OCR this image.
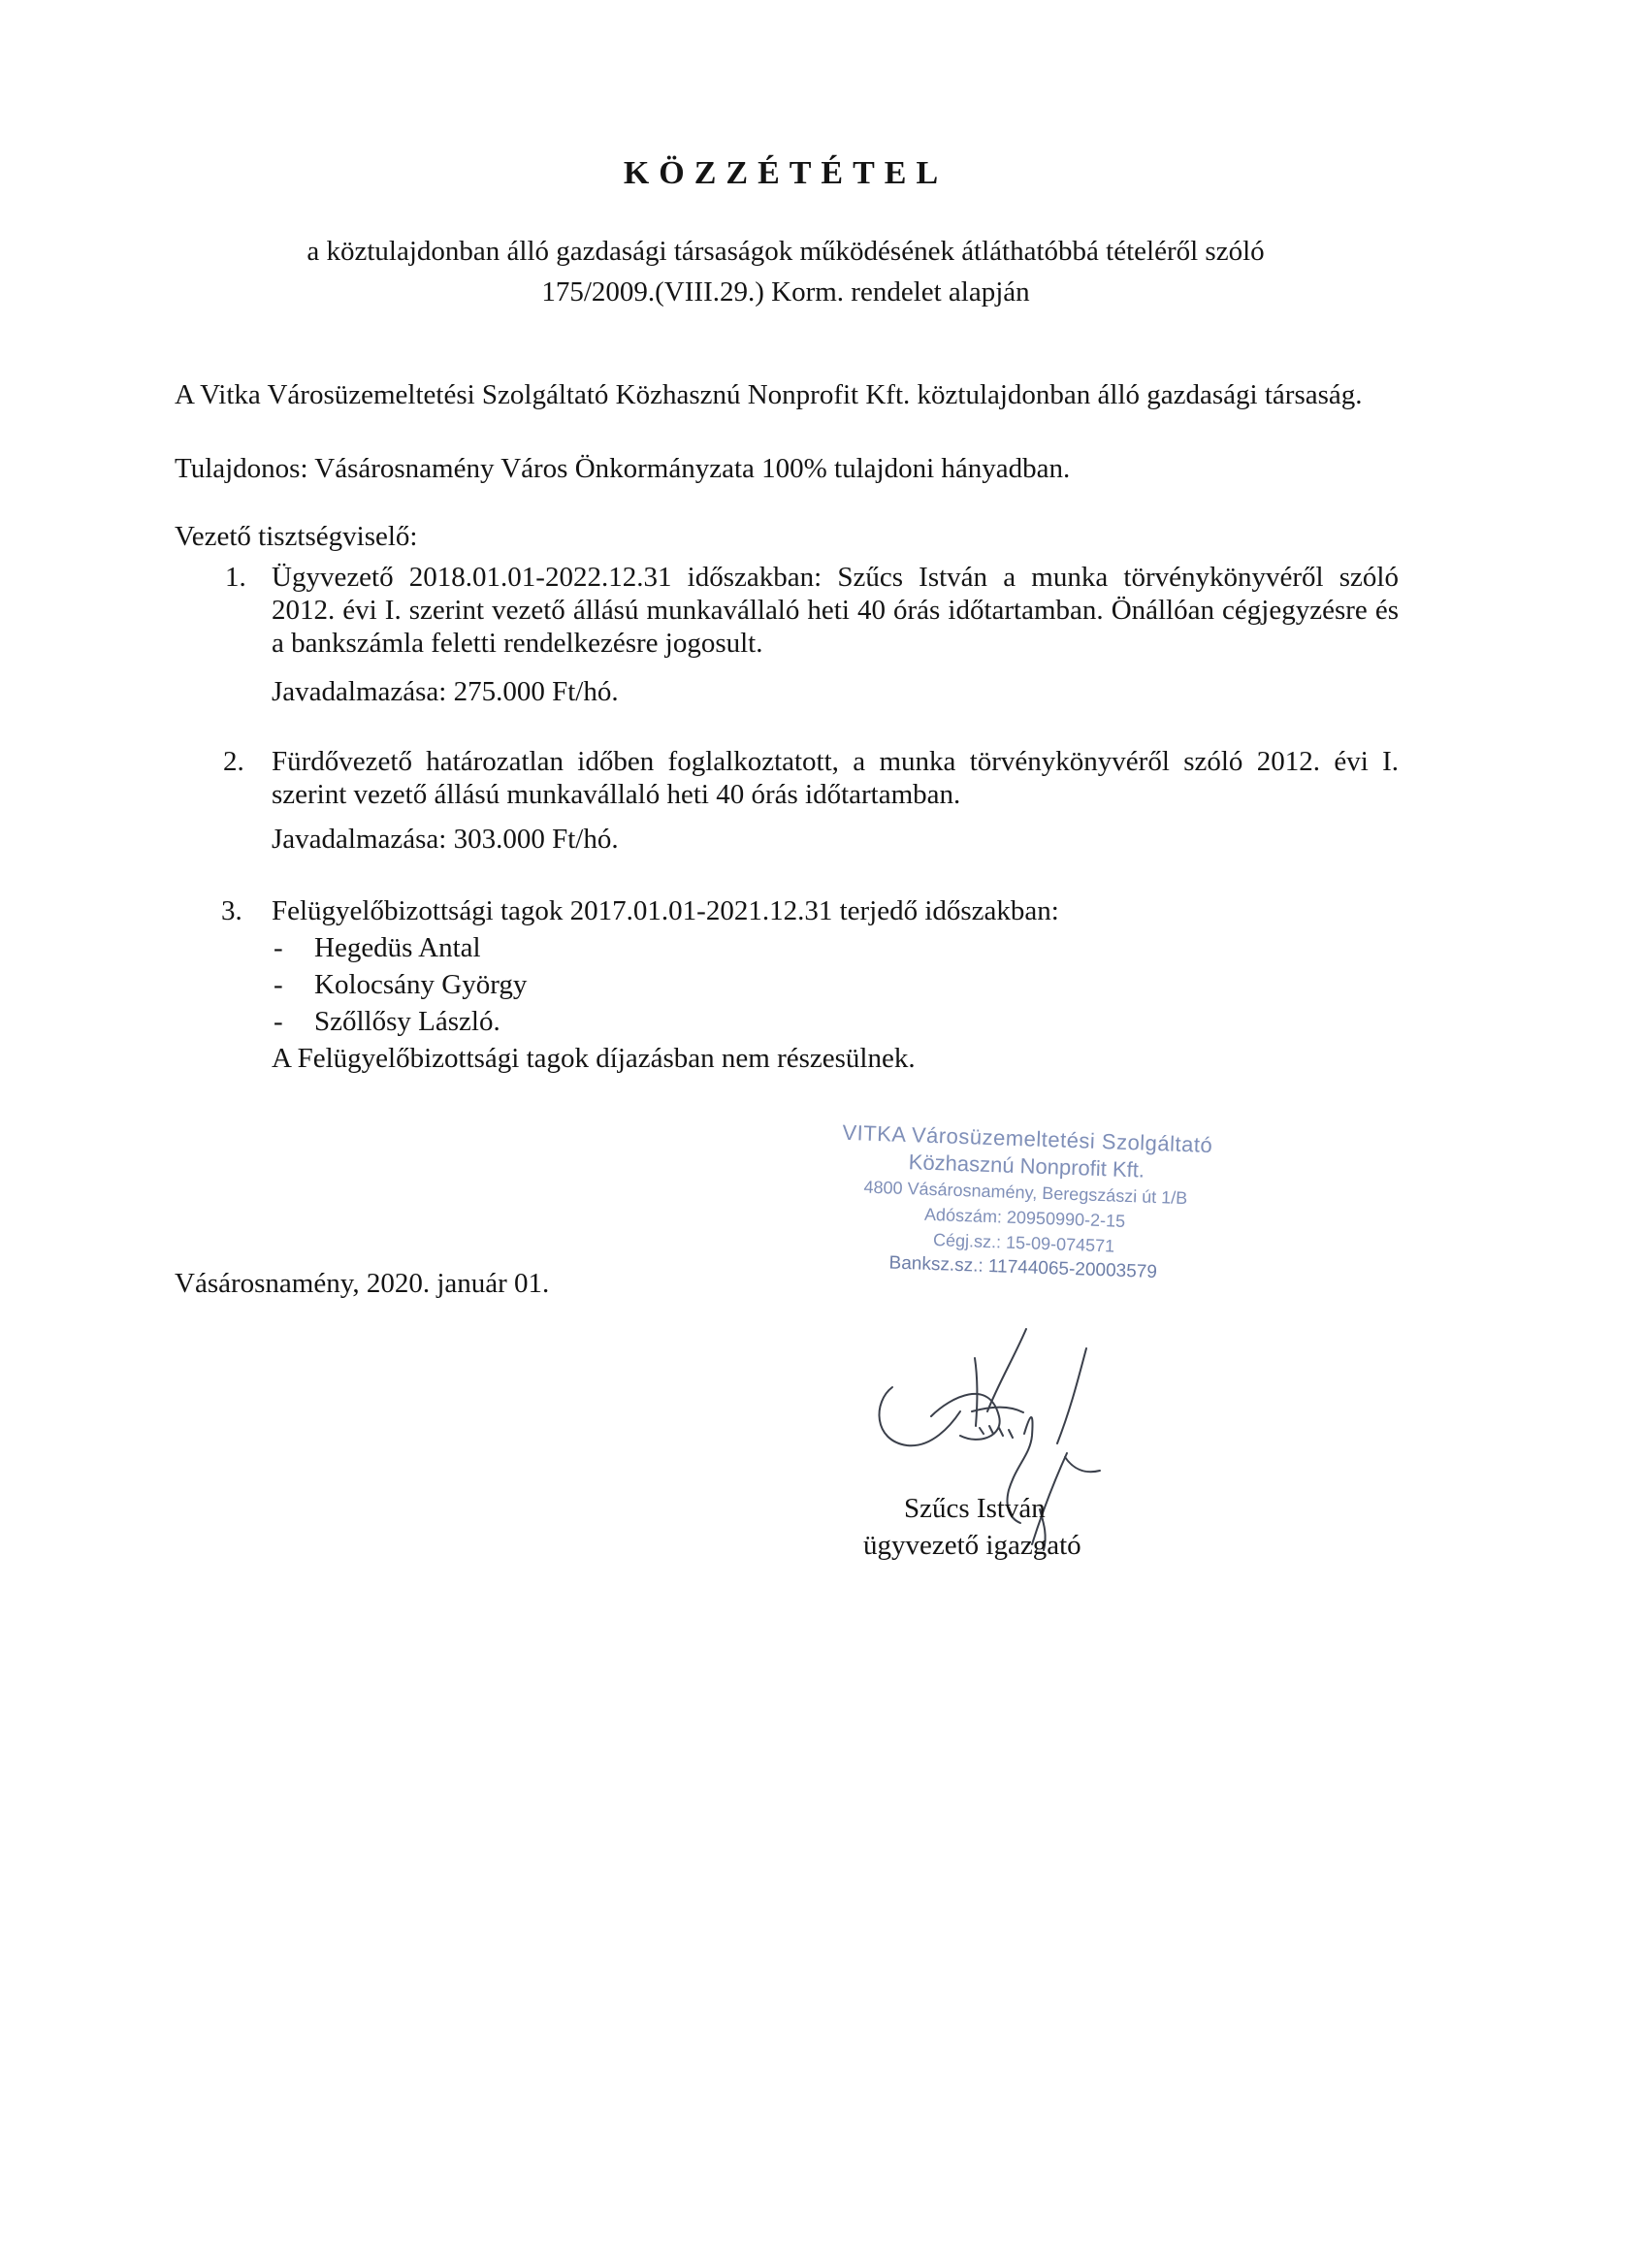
KÖZZÉTÉTEL
a köztulajdonban álló gazdasági társaságok működésének átláthatóbbá tételéről szóló
175/2009.(VIII.29.) Korm. rendelet alapján
A Vitka Városüzemeltetési Szolgáltató Közhasznú Nonprofit Kft. köztulajdonban álló gazdasági társaság.
Tulajdonos: Vásárosnamény Város Önkormányzata 100% tulajdoni hányadban.
Vezető tisztségviselő:
1. Ügyvezető 2018.01.01-2022.12.31 időszakban: Szűcs István a munka törvénykönyvéről szóló 2012. évi I. szerint vezető állású munkavállaló heti 40 órás időtartamban. Önállóan cégjegyzésre és a bankszámla feletti rendelkezésre jogosult.
Javadalmazása: 275.000 Ft/hó.
2. Fürdővezető határozatlan időben foglalkoztatott, a munka törvénykönyvéről szóló 2012. évi I. szerint vezető állású munkavállaló heti 40 órás időtartamban.
Javadalmazása: 303.000 Ft/hó.
3. Felügyelőbizottsági tagok 2017.01.01-2021.12.31 terjedő időszakban:
- Hegedüs Antal
- Kolocsány György
- Szőllősy László.
A Felügyelőbizottsági tagok díjazásban nem részesülnek.
VITKA Városüzemeltetési Szolgáltató
Közhasznú Nonprofit Kft.
4800 Vásárosnamény, Beregszászi út 1/B
Adószám: 20950990-2-15
Cégj.sz.: 15-09-074571
Banksz.sz.: 11744065-20003579
Vásárosnamény, 2020. január 01.
Szűcs István
ügyvezető igazgató
